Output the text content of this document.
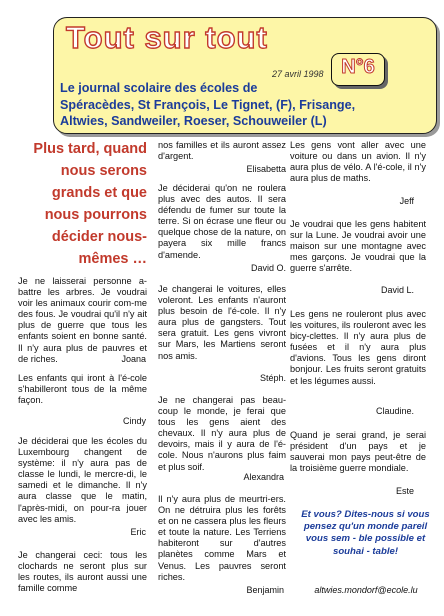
Tout sur tout
27 avril 1998 N°6
Le journal scolaire des écoles de
Spéracèdes, St François, Le Tignet, (F), Frisange,
Altwies, Sandweiler, Roeser, Schouweiler (L)
Plus tard, quand nous serons grands et que nous pourrons décider nous-mêmes …
Je ne laisserai personne a-battre les arbres. Je voudrai voir les animaux courir com-me des fous. Je voudrai qu'il n'y ait plus de guerre que tous les enfants soient en bonne santé. Il n'y aura plus de pauvres et de riches.	Joana
Les enfants qui iront à l'é-cole s'habilleront tous de la même façon.
Cindy
Je déciderai que les écoles du Luxembourg changent de système: il n'y aura pas de classe le lundi, le mercre-di, le samedi et le dimanche. Il n'y aura classe que le matin, l'après-midi, on pour-ra jouer avec les amis.
Eric
Je changerai ceci: tous les clochards ne seront plus sur les routes, ils auront aussi une famille comme
nos familles et ils auront assez d'argent.
Elisabetta
Je déciderai qu'on ne roulera plus avec des autos. Il sera défendu de fumer sur toute la terre. Si on écrase une fleur ou quelque chose de la nature, on payera six mille francs d'amende.
David O.
Je changerai le voitures, elles voleront. Les enfants n'auront plus besoin de l'é-cole. Il n'y aura plus de gangsters. Tout sera gratuit. Les gens vivront sur Mars, les Martiens seront nos amis.
Stéph.
Je ne changerai pas beau-coup le monde, je ferai que tous les gens aient des chevaux. Il n'y aura plus de devoirs, mais il y aura de l'é-cole. Nous n'aurons plus faim et plus soif.
Alexandra
Il n'y aura plus de meurtri-ers. On ne détruira plus les forêts et on ne cassera plus les fleurs et toute la nature. Les Terriens habiteront sur d'autres planètes comme Mars et Venus. Les pauvres seront riches.
Benjamin
Les gens vont aller avec une voiture ou dans un avion. Il n'y aura plus de vélo. A l'é-cole, il n'y aura plus de maths.
Jeff
Je voudrai que les gens habitent sur la Lune. Je voudrai avoir une maison sur une montagne avec mes garçons. Je voudrai que la guerre s'arrête.
David L.
Les gens ne rouleront plus avec les voitures, ils rouleront avec les bicy-clettes. Il n'y aura plus de fusées et il n'y aura plus d'avions. Tous les gens diront bonjour. Les fruits seront gratuits et les légumes aussi.
Claudine.
Quand je serai grand, je serai président d'un pays et je sauverai mon pays peut-être de la troisième guerre mondiale.
Este
Et vous? Dites-nous si vous pensez qu'un monde pareil vous sem - ble possible et souhai - table!
altwies.mondorf@ecole.lu
